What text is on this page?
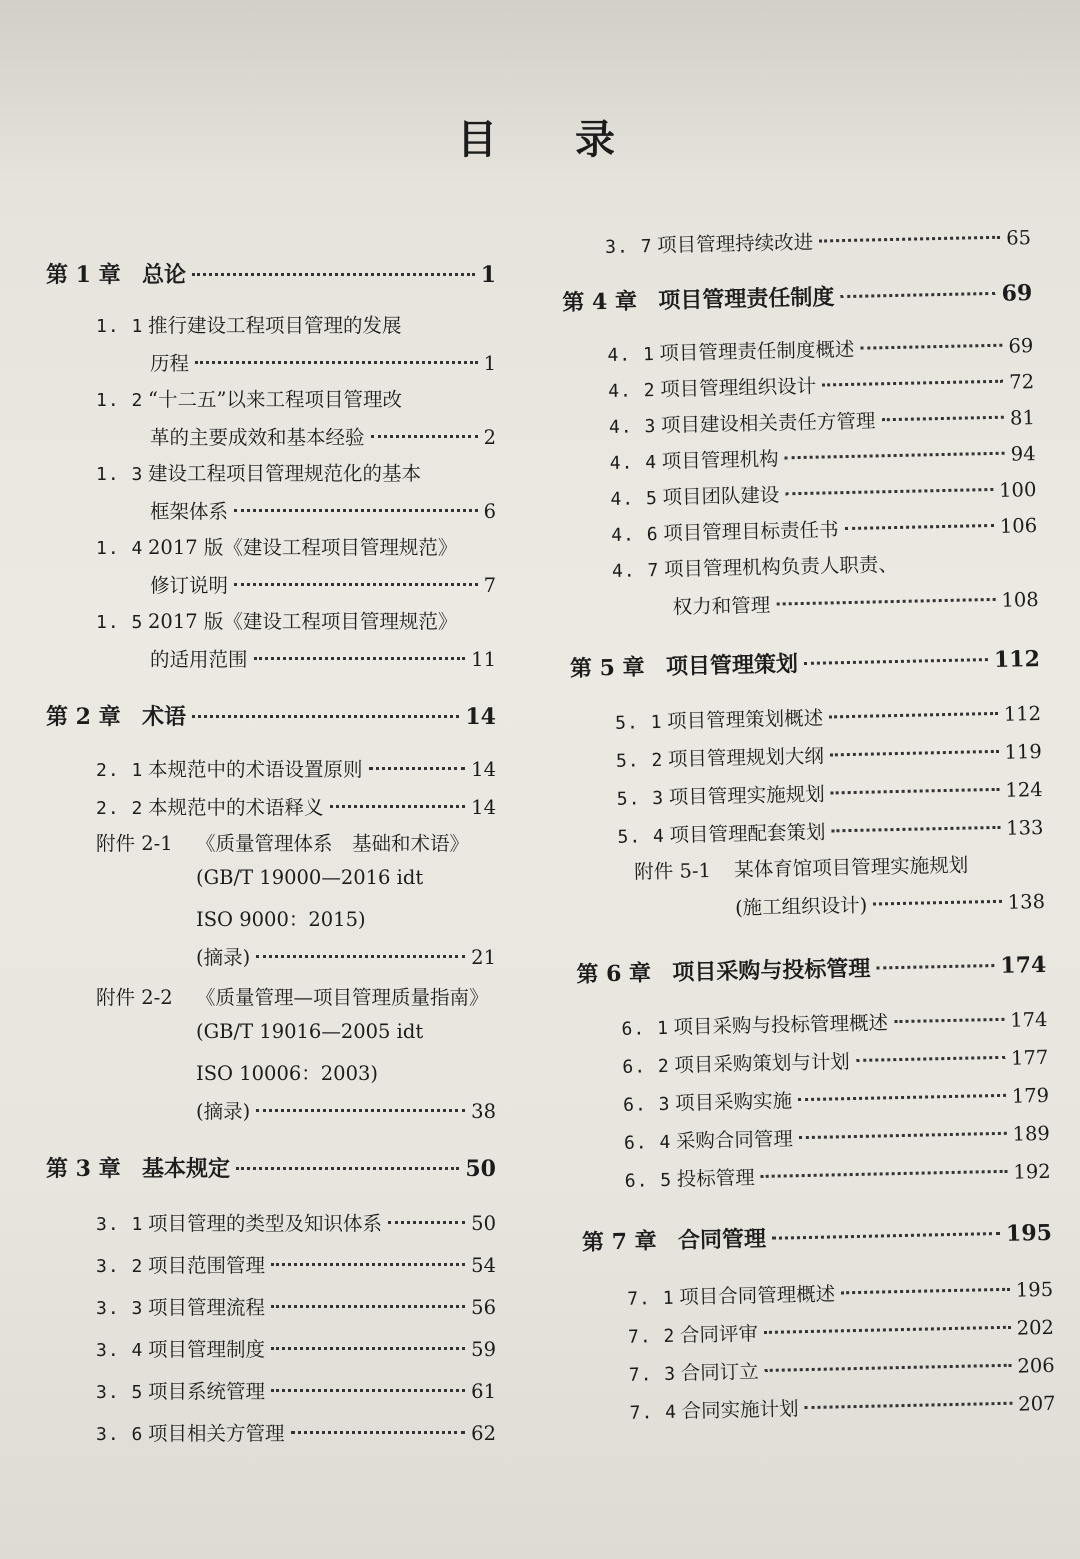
目 录
第 1 章 总论	1
1. 1 推行建设工程项目管理的发展
历程	1
1. 2 “十二五”以来工程项目管理改
革的主要成效和基本经验	2
1. 3 建设工程项目管理规范化的基本
框架体系	6
1. 4 2017 版《建设工程项目管理规范》
修订说明	7
1. 5 2017 版《建设工程项目管理规范》
的适用范围	11
第 2 章 术语	14
2. 1 本规范中的术语设置原则	14
2. 2 本规范中的术语释义	14
附件 2-1	《质量管理体系　基础和术语》
(GB/T 19000—2016 idt
ISO 9000：2015)
(摘录)	21
附件 2-2	《质量管理—项目管理质量指南》
(GB/T 19016—2005 idt
ISO 10006：2003)
(摘录)	38
第 3 章 基本规定	50
3. 1 项目管理的类型及知识体系	50
3. 2 项目范围管理	54
3. 3 项目管理流程	56
3. 4 项目管理制度	59
3. 5 项目系统管理	61
3. 6 项目相关方管理	62
3. 7 项目管理持续改进	65
第 4 章 项目管理责任制度	69
4. 1 项目管理责任制度概述	69
4. 2 项目管理组织设计	72
4. 3 项目建设相关责任方管理	81
4. 4 项目管理机构	94
4. 5 项目团队建设	100
4. 6 项目管理目标责任书	106
4. 7 项目管理机构负责人职责、
权力和管理	108
第 5 章 项目管理策划	112
5. 1 项目管理策划概述	112
5. 2 项目管理规划大纲	119
5. 3 项目管理实施规划	124
5. 4 项目管理配套策划	133
附件 5-1	某体育馆项目管理实施规划
(施工组织设计)	138
第 6 章 项目采购与投标管理	174
6. 1 项目采购与投标管理概述	174
6. 2 项目采购策划与计划	177
6. 3 项目采购实施	179
6. 4 采购合同管理	189
6. 5 投标管理	192
第 7 章 合同管理	195
7. 1 项目合同管理概述	195
7. 2 合同评审	202
7. 3 合同订立	206
7. 4 合同实施计划	207
